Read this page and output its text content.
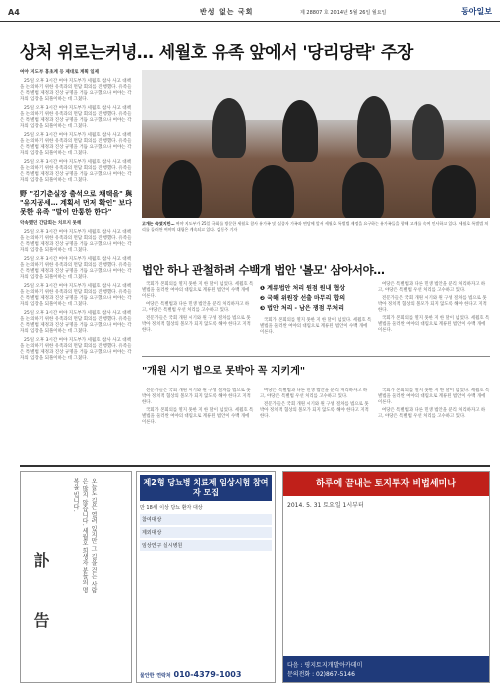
A4	반성 없는 국회	제 28807 호 2014년 5월 26일 월요일	동아일보
상처 위로는커녕… 세월호 유족 앞에서 '당리당략' 주장
여야 지도부 홍초계 등 제대로 계획 일제

25일 오후 3시간 여야 지도부가 세월호 참사 사고 대책을 논의하기 위한 유족과의 면담 회의를 진행했다. 유족들은 특별법 제정과 진상 규명을 거듭 요구했으나 여야는 각자의 입장을 되풀이하는 데 그쳤다.

25일 오후 3시간 여야 지도부가 세월호 참사 사고 대책을 논의하기 위한 유족과의 면담 회의를 진행했다. 유족들은 특별법 제정과 진상 규명을 거듭 요구했으나 여야는 각자의 입장을 되풀이하는 데 그쳤다.

25일 오후 3시간 여야 지도부가 세월호 참사 사고 대책을 논의하기 위한 유족과의 면담 회의를 진행했다. 유족들은 특별법 제정과 진상 규명을 거듭 요구했으나 여야는 각자의 입장을 되풀이하는 데 그쳤다.

25일 오후 3시간 여야 지도부가 세월호 참사 사고 대책을 논의하기 위한 유족과의 면담 회의를 진행했다. 유족들은 특별법 제정과 진상 규명을 거듭 요구했으나 여야는 각자의 입장을 되풀이하는 데 그쳤다.

野 "김기춘실장 출석으로 채택을" 與 "유지공세… 계획서 먼저 확인" 보다못한 유족 "말이 안통한 한다"
악속했던 간담회는 치르지 못해

25일 오후 3시간 여야 지도부가 세월호 참사 사고 대책을 논의하기 위한 유족과의 면담 회의를 진행했다. 유족들은 특별법 제정과 진상 규명을 거듭 요구했으나 여야는 각자의 입장을 되풀이하는 데 그쳤다.

25일 오후 3시간 여야 지도부가 세월호 참사 사고 대책을 논의하기 위한 유족과의 면담 회의를 진행했다. 유족들은 특별법 제정과 진상 규명을 거듭 요구했으나 여야는 각자의 입장을 되풀이하는 데 그쳤다.

25일 오후 3시간 여야 지도부가 세월호 참사 사고 대책을 논의하기 위한 유족과의 면담 회의를 진행했다. 유족들은 특별법 제정과 진상 규명을 거듭 요구했으나 여야는 각자의 입장을 되풀이하는 데 그쳤다.

25일 오후 3시간 여야 지도부가 세월호 참사 사고 대책을 논의하기 위한 유족과의 면담 회의를 진행했다. 유족들은 특별법 제정과 진상 규명을 거듭 요구했으나 여야는 각자의 입장을 되풀이하는 데 그쳤다.

25일 오후 3시간 여야 지도부가 세월호 참사 사고 대책을 논의하기 위한 유족과의 면담 회의를 진행했다. 유족들은 특별법 제정과 진상 규명을 거듭 요구했으나 여야는 각자의 입장을 되풀이하는 데 그쳤다.

고개는 숙였지만… 여야 지도부가 25일 국회를 방문한 세월호 참사 유가족 및 실종자 가족과 면담에 앞서 세월호 특별법 제정을 요구하는 유가족들을 향해 고개를 숙여 인사하고 있다. 세월호 특별법 처리를 둘러싼 여야의 대립은 계속되고 있다. 김동주 기자
법안 하나 관철하려 수백개 법안 '볼모' 삼아서야…

국회가 본회의를 열지 못한 지 한 달이 넘었다. 세월호 특별법을 둘러싼 여야의 대립으로 계류된 법안이 수백 개에 이른다.

여당은 특별법과 다른 민생 법안을 분리 처리하자고 하고, 야당은 특별법 우선 처리를 고수하고 있다.

전문가들은 국회 개원 시기와 원 구성 절차를 법으로 못박아 정치적 협상의 볼모가 되지 않도록 해야 한다고 지적한다.

❶ 계류법안 처리 원점 원내 협상
❷ 국해 위원장 선출 마무리 합의
❸ 법안 처리 - 남은 쟁점 무처리

국회가 본회의를 열지 못한 지 한 달이 넘었다. 세월호 특별법을 둘러싼 여야의 대립으로 계류된 법안이 수백 개에 이른다.

여당은 특별법과 다른 민생 법안을 분리 처리하자고 하고, 야당은 특별법 우선 처리를 고수하고 있다.

전문가들은 국회 개원 시기와 원 구성 절차를 법으로 못박아 정치적 협상의 볼모가 되지 않도록 해야 한다고 지적한다.

국회가 본회의를 열지 못한 지 한 달이 넘었다. 세월호 특별법을 둘러싼 여야의 대립으로 계류된 법안이 수백 개에 이른다.

"개원 시기 법으로 못박아 꼭 지키게"

전문가들은 국회 개원 시기와 원 구성 절차를 법으로 못박아 정치적 협상의 볼모가 되지 않도록 해야 한다고 지적한다.

국회가 본회의를 열지 못한 지 한 달이 넘었다. 세월호 특별법을 둘러싼 여야의 대립으로 계류된 법안이 수백 개에 이른다.

여당은 특별법과 다른 민생 법안을 분리 처리하자고 하고, 야당은 특별법 우선 처리를 고수하고 있다.

전문가들은 국회 개원 시기와 원 구성 절차를 법으로 못박아 정치적 협상의 볼모가 되지 않도록 해야 한다고 지적한다.

국회가 본회의를 열지 못한 지 한 달이 넘었다. 세월호 특별법을 둘러싼 여야의 대립으로 계류된 법안이 수백 개에 이른다.

여당은 특별법과 다른 민생 법안을 분리 처리하자고 하고, 야당은 특별법 우선 처리를 고수하고 있다.

오늘도 길은 열려 있지만 그 길을 걷는 사람은 많지 않습니다. 세월호 희생자 분들의 명복을 빕니다.
訃
告
제2형 당뇨병 치료제 임상시험 참여자 모집
만 18세 이상 당뇨 환자 대상
참여대상
제외대상
임상연구 실시병원
물안한 연락처 010-4379-1003
하루에 끝내는 토지투자 비법세미나
2014. 5. 31 토요일 1시부터
다음 : 평지토지개발아카데미
문의전화 : 02)867-5146
